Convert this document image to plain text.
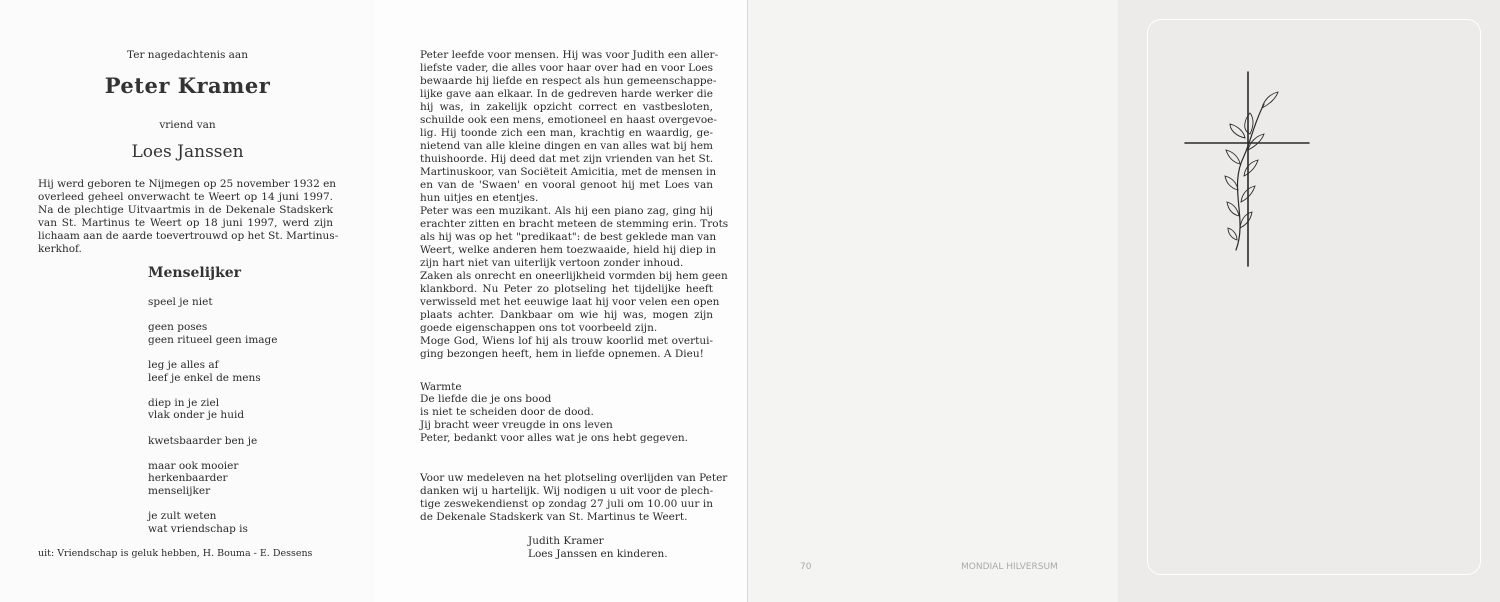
Ter nagedachtenis aan
Peter Kramer
vriend van
Loes Janssen
Hij werd geboren te Nijmegen op 25 november 1932 en
overleed geheel onverwacht te Weert op 14 juni 1997.
Na de plechtige Uitvaartmis in de Dekenale Stadskerk
van St. Martinus te Weert op 18 juni 1997, werd zijn
lichaam aan de aarde toevertrouwd op het St. Martinus-
kerkhof.
Menselijker
speel je niet
geen poses
geen ritueel geen image
leg je alles af
leef je enkel de mens
diep in je ziel
vlak onder je huid
kwetsbaarder ben je
maar ook mooier
herkenbaarder
menselijker
je zult weten
wat vriendschap is
uit: Vriendschap is geluk hebben, H. Bouma - E. Dessens
Peter leefde voor mensen. Hij was voor Judith een aller-
liefste vader, die alles voor haar over had en voor Loes
bewaarde hij liefde en respect als hun gemeenschappe-
lijke gave aan elkaar. In de gedreven harde werker die
hij was, in zakelijk opzicht correct en vastbesloten,
schuilde ook een mens, emotioneel en haast overgevoe-
lig. Hij toonde zich een man, krachtig en waardig, ge-
nietend van alle kleine dingen en van alles wat bij hem
thuishoorde. Hij deed dat met zijn vrienden van het St.
Martinuskoor, van Sociëteit Amicitia, met de mensen in
en van de 'Swaen' en vooral genoot hij met Loes van
hun uitjes en etentjes.
Peter was een muzikant. Als hij een piano zag, ging hij
erachter zitten en bracht meteen de stemming erin. Trots
als hij was op het "predikaat": de best geklede man van
Weert, welke anderen hem toezwaaide, hield hij diep in
zijn hart niet van uiterlijk vertoon zonder inhoud.
Zaken als onrecht en oneerlijkheid vormden bij hem geen
klankbord. Nu Peter zo plotseling het tijdelijke heeft
verwisseld met het eeuwige laat hij voor velen een open
plaats achter. Dankbaar om wie hij was, mogen zijn
goede eigenschappen ons tot voorbeeld zijn.
Moge God, Wiens lof hij als trouw koorlid met overtui-
ging bezongen heeft, hem in liefde opnemen. A Dieu!
Warmte
De liefde die je ons bood
is niet te scheiden door de dood.
Jij bracht weer vreugde in ons leven
Peter, bedankt voor alles wat je ons hebt gegeven.
Voor uw medeleven na het plotseling overlijden van Peter
danken wij u hartelijk. Wij nodigen u uit voor de plech-
tige zeswekendienst op zondag 27 juli om 10.00 uur in
de Dekenale Stadskerk van St. Martinus te Weert.
Judith Kramer
Loes Janssen en kinderen.
70	MONDIAL HILVERSUM
